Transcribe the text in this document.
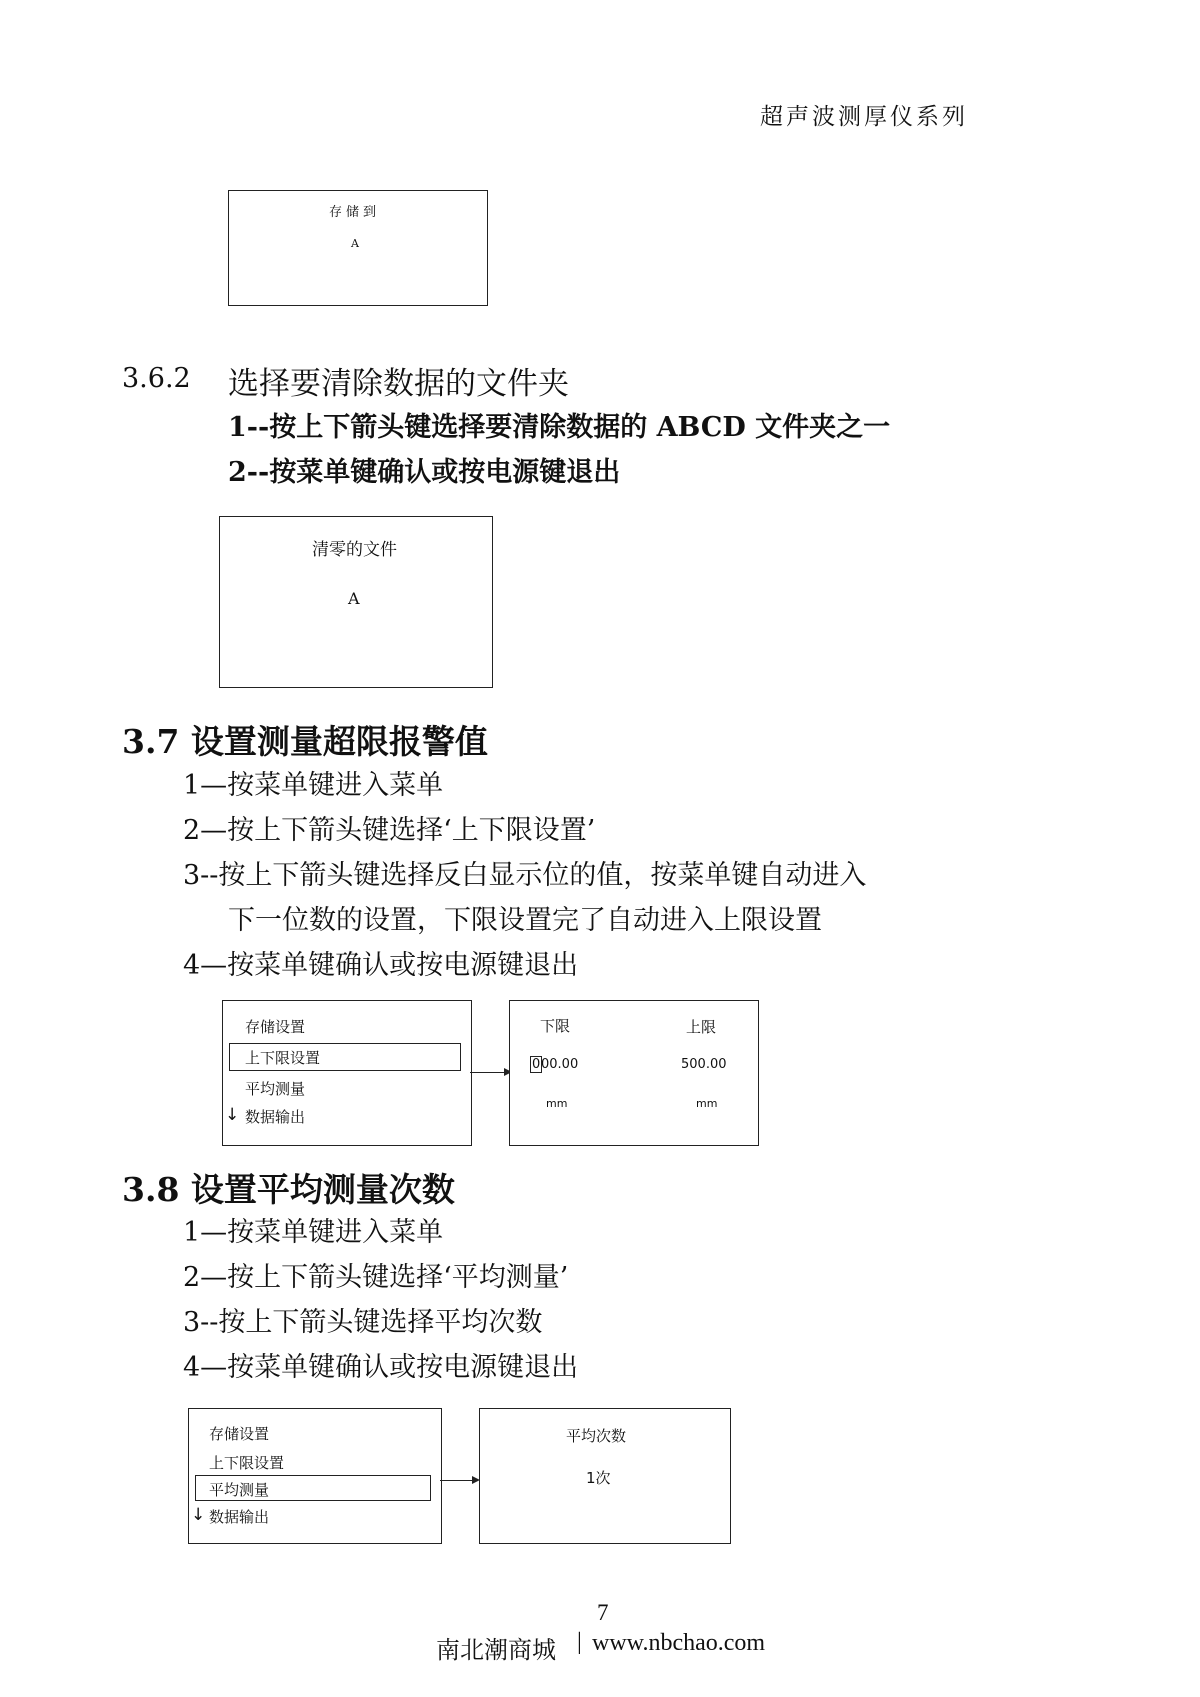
超声波测厚仪系列
存储到
A
3.6.2 选择要清除数据的文件夹
1--按上下箭头键选择要清除数据的 ABCD 文件夹之一
2--按菜单键确认或按电源键退出
清零的文件
A
3.7 设置测量超限报警值
1—按菜单键进入菜单
2—按上下箭头键选择‘上下限设置’
3--按上下箭头键选择反白显示位的值，按菜单键自动进入
下一位数的设置，下限设置完了自动进入上限设置
4—按菜单键确认或按电源键退出
存储设置
上下限设置
平均测量
↓ 数据输出
下限	上限
0 00.00	500.00
mm	mm
3.8 设置平均测量次数
1—按菜单键进入菜单
2—按上下箭头键选择‘平均测量’
3--按上下箭头键选择平均次数
4—按菜单键确认或按电源键退出
存储设置
上下限设置
平均测量
↓ 数据输出
平均次数
1次
7
南北潮商城 | www.nbchao.com
